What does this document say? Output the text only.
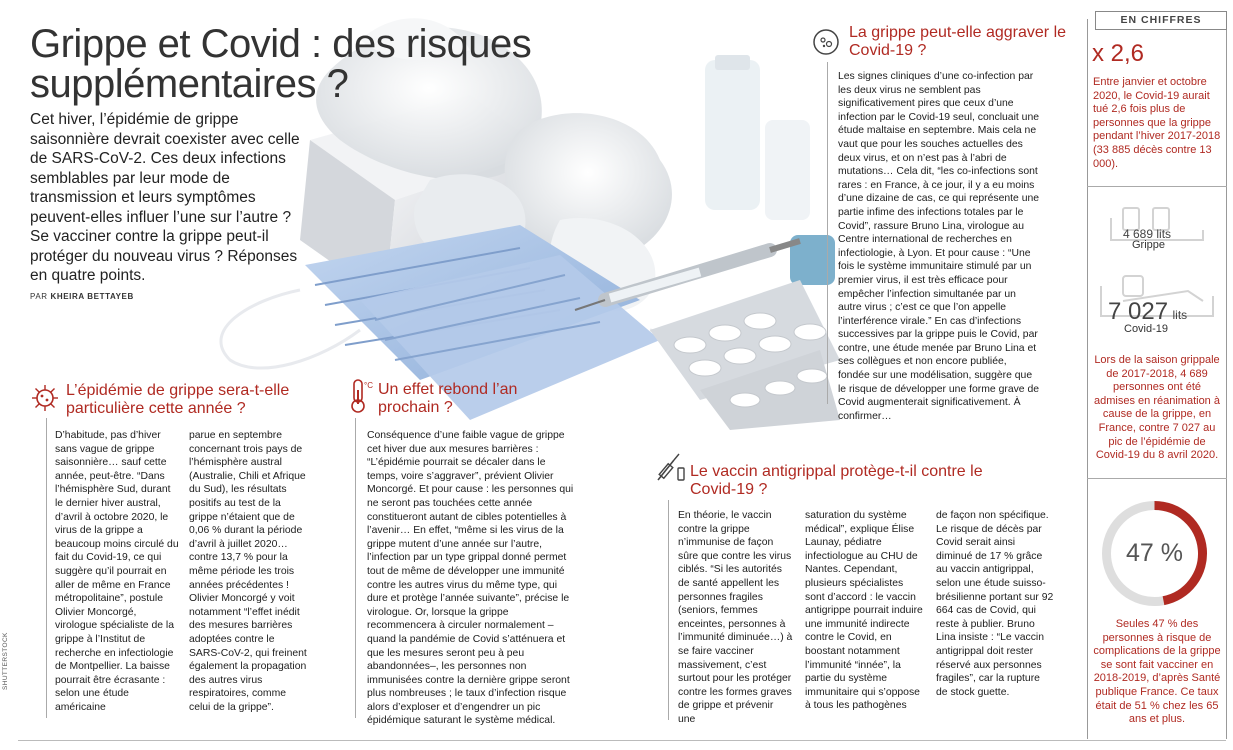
Grippe et Covid : des risques supplémentaires ?
Cet hiver, l’épidémie de grippe saisonnière devrait coexister avec celle de SARS-CoV-2. Ces deux infections semblables par leur mode de transmission et leurs symptômes peuvent-elles influer l’une sur l’autre ? Se vacciner contre la grippe peut-il protéger du nouveau virus ? Réponses en quatre points.
PAR KHEIRA BETTAYEB
SHUTTERSTOCK
L’épidémie de grippe sera-t-elle particulière cette année ?
D’habitude, pas d’hiver sans vague de grippe saisonnière… sauf cette année, peut-être. “Dans l’hémisphère Sud, durant le dernier hiver austral, d’avril à octobre 2020, le virus de la grippe a beaucoup moins circulé du fait du Covid-19, ce qui suggère qu’il pourrait en aller de même en France métropolitaine”, postule Olivier Moncorgé, virologue spécialiste de la grippe à l’Institut de recherche en infectiologie de Montpellier. La baisse pourrait être écrasante : selon une étude américaine
parue en septembre concernant trois pays de l’hémisphère austral (Australie, Chili et Afrique du Sud), les résultats positifs au test de la grippe n’étaient que de 0,06 % durant la période d’avril à juillet 2020… contre 13,7 % pour la même période les trois années précédentes ! Olivier Moncorgé y voit notamment “l’effet inédit des mesures barrières adoptées contre le SARS-CoV-2, qui freinent également la propagation des autres virus respiratoires, comme celui de la grippe”.
°C Un effet rebond l’an prochain ?
Conséquence d’une faible vague de grippe cet hiver due aux mesures barrières : “L’épidémie pourrait se décaler dans le temps, voire s’aggraver”, prévient Olivier Moncorgé. Et pour cause : les personnes qui ne seront pas touchées cette année constitueront autant de cibles potentielles à l’avenir… En effet, “même si les virus de la grippe mutent d’une année sur l’autre, l’infection par un type grippal donné permet tout de même de développer une immunité contre les autres virus du même type, qui dure et protège l’année suivante”, précise le virologue. Or, lorsque la grippe recommencera à circuler normalement –quand la pandémie de Covid s’atténuera et que les mesures seront peu à peu abandonnées–, les personnes non immunisées contre la dernière grippe seront plus nombreuses ; le taux d’infection risque alors d’exploser et d’engendrer un pic épidémique saturant le système médical.
La grippe peut-elle aggraver le Covid-19 ?
Les signes cliniques d’une co-infection par les deux virus ne semblent pas significativement pires que ceux d’une infection par le Covid-19 seul, concluait une étude maltaise en septembre. Mais cela ne vaut que pour les souches actuelles des deux virus, et on n’est pas à l’abri de mutations… Cela dit, “les co-infections sont rares : en France, à ce jour, il y a eu moins d’une dizaine de cas, ce qui représente une partie infime des infections totales par le Covid”, rassure Bruno Lina, virologue au Centre international de recherches en infectiologie, à Lyon. Et pour cause : “Une fois le système immunitaire stimulé par un premier virus, il est très efficace pour empêcher l’infection simultanée par un autre virus ; c’est ce que l’on appelle l’interférence virale.” En cas d’infections successives par la grippe puis le Covid, par contre, une étude menée par Bruno Lina et ses collègues et non encore publiée, fondée sur une modélisation, suggère que le risque de développer une forme grave de Covid augmenterait significativement. À confirmer…
Le vaccin antigrippal protège-t-il contre le Covid-19 ?
En théorie, le vaccin contre la grippe n’immunise de façon sûre que contre les virus ciblés. “Si les autorités de santé appellent les personnes fragiles (seniors, femmes enceintes, personnes à l’immunité diminuée…) à se faire vacciner massivement, c’est surtout pour les protéger contre les formes graves de grippe et prévenir une
saturation du système médical”, explique Élise Launay, pédiatre infectiologue au CHU de Nantes. Cependant, plusieurs spécialistes sont d’accord : le vaccin antigrippe pourrait induire une immunité indirecte contre le Covid, en boostant notamment l’immunité “innée”, la partie du système immunitaire qui s’oppose à tous les pathogènes
de façon non spécifique. Le risque de décès par Covid serait ainsi diminué de 17 % grâce au vaccin antigrippal, selon une étude suisso-brésilienne portant sur 92 664 cas de Covid, qui reste à publier. Bruno Lina insiste : “Le vaccin antigrippal doit rester réservé aux personnes fragiles”, car la rupture de stock guette.
EN CHIFFRES
x 2,6
Entre janvier et octobre 2020, le Covid-19 aurait tué 2,6 fois plus de personnes que la grippe pendant l’hiver 2017-2018 (33 885 décès contre 13 000).
4 689 lits
Grippe
7 027 lits
Covid-19
Lors de la saison grippale de 2017-2018, 4 689 personnes ont été admises en réanimation à cause de la grippe, en France, contre 7 027 au pic de l’épidémie de Covid-19 du 8 avril 2020.
47 %
Seules 47 % des personnes à risque de complications de la grippe se sont fait vacciner en 2018-2019, d’après Santé publique France. Ce taux était de 51 % chez les 65 ans et plus.
